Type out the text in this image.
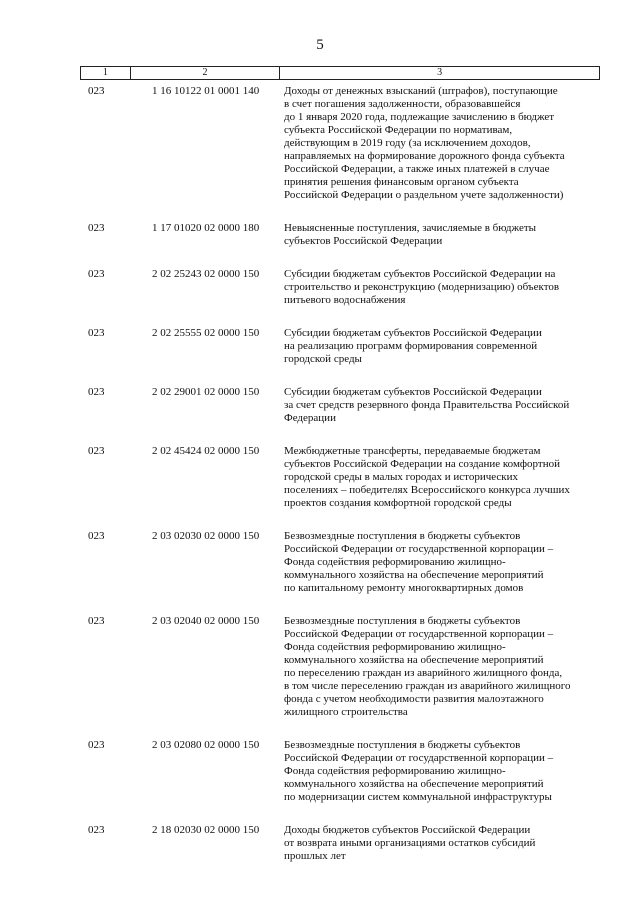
5
1	2	3
023	1 16 10122 01 0001 140	Доходы от денежных взысканий (штрафов), поступающие
в счет погашения задолженности, образовавшейся
до 1 января 2020 года, подлежащие зачислению в бюджет
субъекта Российской Федерации по нормативам,
действующим в 2019 году (за исключением доходов,
направляемых на формирование дорожного фонда субъекта
Российской Федерации, а также иных платежей в случае
принятия решения финансовым органом субъекта
Российской Федерации о раздельном учете задолженности)
023	1 17 01020 02 0000 180	Невыясненные поступления, зачисляемые в бюджеты
субъектов Российской Федерации
023	2 02 25243 02 0000 150	Субсидии бюджетам субъектов Российской Федерации на
строительство и реконструкцию (модернизацию) объектов
питьевого водоснабжения
023	2 02 25555 02 0000 150	Субсидии бюджетам субъектов Российской Федерации
на реализацию программ формирования современной
городской среды
023	2 02 29001 02 0000 150	Субсидии бюджетам субъектов Российской Федерации
за счет средств резервного фонда Правительства Российской
Федерации
023	2 02 45424 02 0000 150	Межбюджетные трансферты, передаваемые бюджетам
субъектов Российской Федерации на создание комфортной
городской среды в малых городах и исторических
поселениях – победителях Всероссийского конкурса лучших
проектов создания комфортной городской среды
023	2 03 02030 02 0000 150	Безвозмездные поступления в бюджеты субъектов
Российской Федерации от государственной корпорации –
Фонда содействия реформированию жилищно-
коммунального хозяйства на обеспечение мероприятий
по капитальному ремонту многоквартирных домов
023	2 03 02040 02 0000 150	Безвозмездные поступления в бюджеты субъектов
Российской Федерации от государственной корпорации –
Фонда содействия реформированию жилищно-
коммунального хозяйства на обеспечение мероприятий
по переселению граждан из аварийного жилищного фонда,
в том числе переселению граждан из аварийного жилищного
фонда с учетом необходимости развития малоэтажного
жилищного строительства
023	2 03 02080 02 0000 150	Безвозмездные поступления в бюджеты субъектов
Российской Федерации от государственной корпорации –
Фонда содействия реформированию жилищно-
коммунального хозяйства на обеспечение мероприятий
по модернизации систем коммунальной инфраструктуры
023	2 18 02030 02 0000 150	Доходы бюджетов субъектов Российской Федерации
от возврата иными организациями остатков субсидий
прошлых лет
